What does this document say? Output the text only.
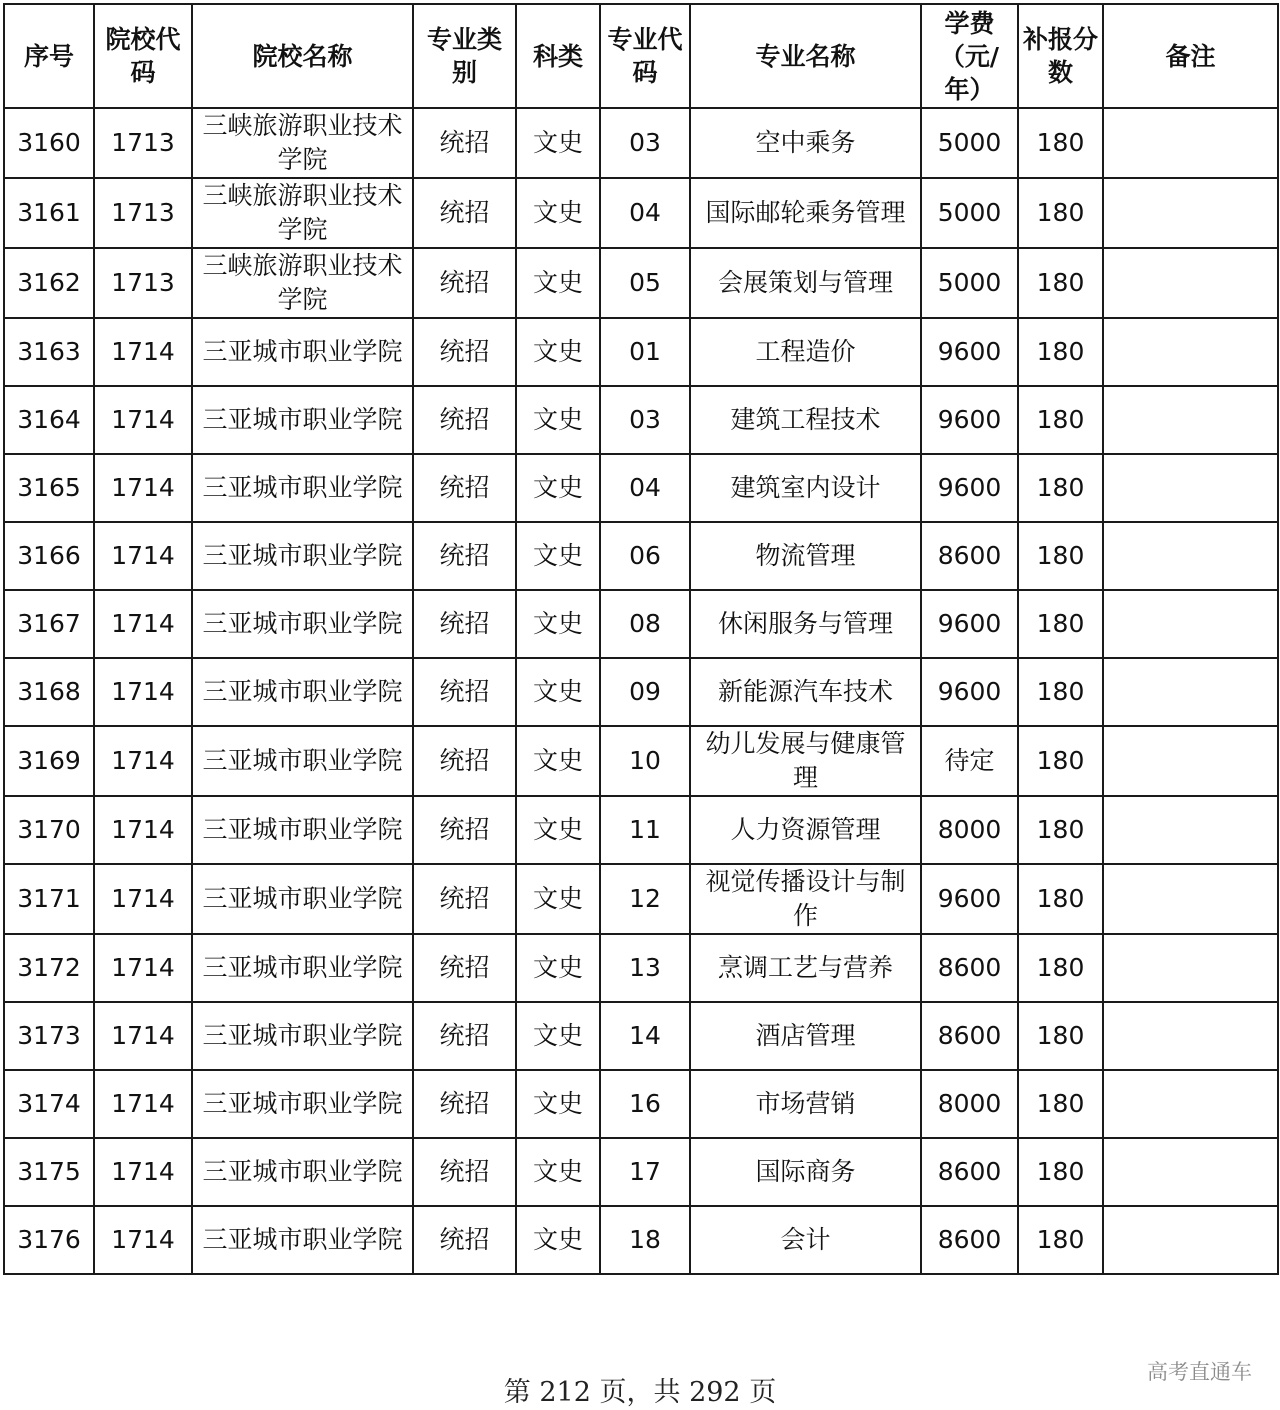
序号	院校代码	院校名称	专业类别	科类	专业代码	专业名称	学费（元/年）	补报分数	备注
3160	1713	三峡旅游职业技术学院	统招	文史	03	空中乘务	5000	180	
3161	1713	三峡旅游职业技术学院	统招	文史	04	国际邮轮乘务管理	5000	180	
3162	1713	三峡旅游职业技术学院	统招	文史	05	会展策划与管理	5000	180	
3163	1714	三亚城市职业学院	统招	文史	01	工程造价	9600	180	
3164	1714	三亚城市职业学院	统招	文史	03	建筑工程技术	9600	180	
3165	1714	三亚城市职业学院	统招	文史	04	建筑室内设计	9600	180	
3166	1714	三亚城市职业学院	统招	文史	06	物流管理	8600	180	
3167	1714	三亚城市职业学院	统招	文史	08	休闲服务与管理	9600	180	
3168	1714	三亚城市职业学院	统招	文史	09	新能源汽车技术	9600	180	
3169	1714	三亚城市职业学院	统招	文史	10	幼儿发展与健康管理	待定	180	
3170	1714	三亚城市职业学院	统招	文史	11	人力资源管理	8000	180	
3171	1714	三亚城市职业学院	统招	文史	12	视觉传播设计与制作	9600	180	
3172	1714	三亚城市职业学院	统招	文史	13	烹调工艺与营养	8600	180	
3173	1714	三亚城市职业学院	统招	文史	14	酒店管理	8600	180	
3174	1714	三亚城市职业学院	统招	文史	16	市场营销	8000	180	
3175	1714	三亚城市职业学院	统招	文史	17	国际商务	8600	180	
3176	1714	三亚城市职业学院	统招	文史	18	会计	8600	180	
第 212 页，共 292 页
高考直通车
